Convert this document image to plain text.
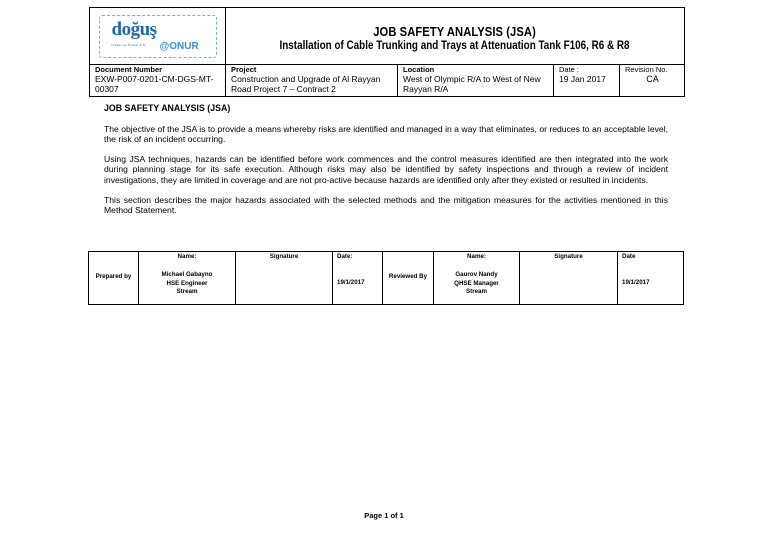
doğuş
İnşaat ve Ticaret A.Ş. @ONUR
JOB SAFETY ANALYSIS (JSA)
Installation of Cable Trunking and Trays at Attenuation Tank F106, R6 & R8
Document Number
EXW-P007-0201-CM-DGS-MT-00307
Project
Construction and Upgrade of Al Rayyan Road Project 7 – Contract 2
Location
West of Olympic R/A to West of New Rayyan R/A
Date :
19 Jan 2017
Revision No.
CA
JOB SAFETY ANALYSIS (JSA)

The objective of the JSA is to provide a means whereby risks are identified and managed in a way that eliminates, or reduces to an acceptable level, the risk of an incident occurring.

Using JSA techniques, hazards can be identified before work commences and the control measures identified are then integrated into the work during planning stage for its safe execution. Although risks may also be identified by safety inspections and through a review of incident investigations, they are limited in coverage and are not pro-active because hazards are identified only after they existed or resulted in incidents.

This section describes the major hazards associated with the selected methods and the mitigation measures for the activities mentioned in this Method Statement.

Prepared by
Name:
Michael Gabayno
HSE Engineer
Stream
Signature	Date:
19/1/2017
Reviewed By
Name:
Gaurov Nandy
QHSE Manager
Stream
Signature	Date
19/1/2017
Page 1 of 1
